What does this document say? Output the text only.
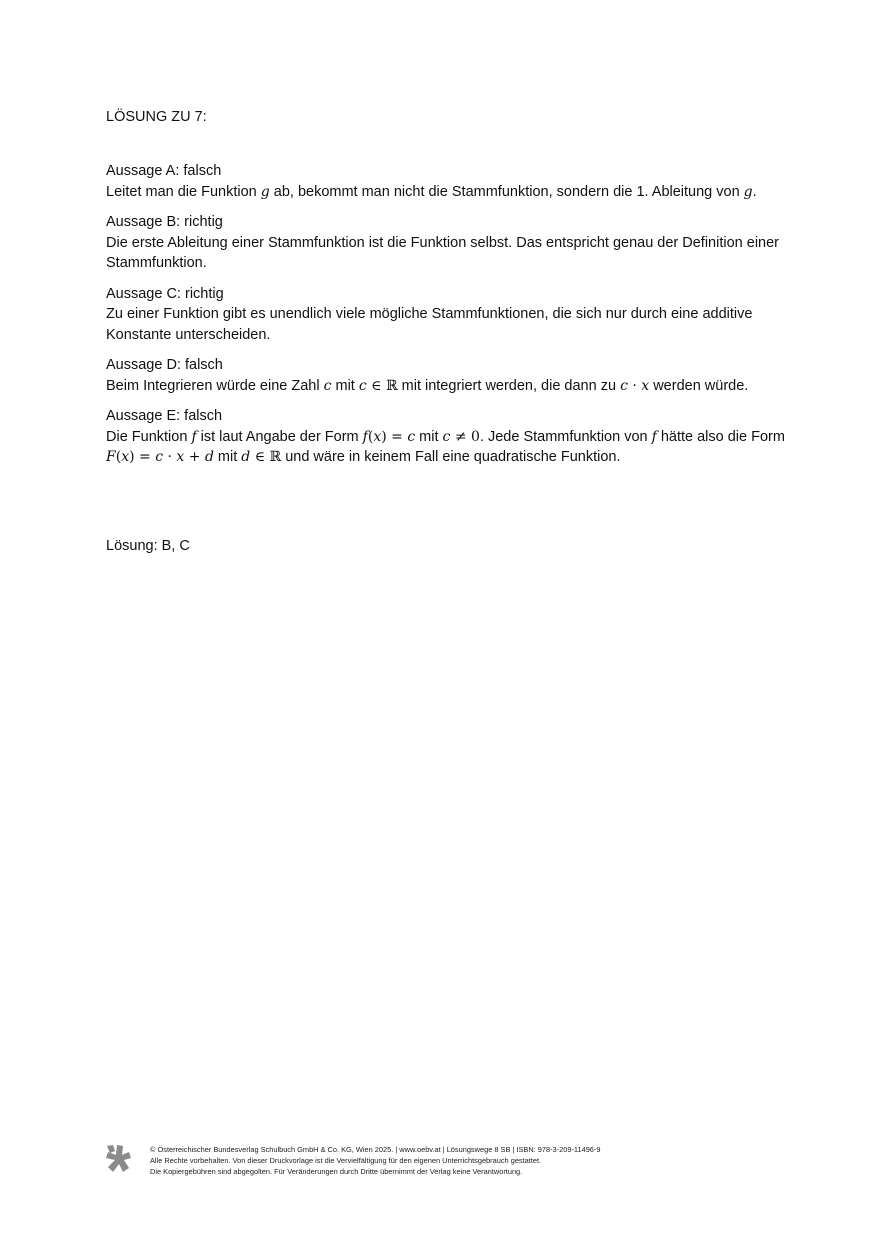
LÖSUNG ZU 7:
Aussage A: falsch
Leitet man die Funktion g ab, bekommt man nicht die Stammfunktion, sondern die 1. Ableitung von g.
Aussage B: richtig
Die erste Ableitung einer Stammfunktion ist die Funktion selbst. Das entspricht genau der Definition einer Stammfunktion.
Aussage C: richtig
Zu einer Funktion gibt es unendlich viele mögliche Stammfunktionen, die sich nur durch eine additive Konstante unterscheiden.
Aussage D: falsch
Beim Integrieren würde eine Zahl c mit c ∈ ℝ mit integriert werden, die dann zu c · x werden würde.
Aussage E: falsch
Die Funktion f ist laut Angabe der Form f(x) = c mit c ≠ 0. Jede Stammfunktion von f hätte also die Form F(x) = c · x + d mit d ∈ ℝ und wäre in keinem Fall eine quadratische Funktion.
Lösung: B, C
© Österreichischer Bundesverlag Schulbuch GmbH & Co. KG, Wien 2025. | www.oebv.at | Lösungswege 8 SB | ISBN: 978-3-209-11496-9
Alle Rechte vorbehalten. Von dieser Druckvorlage ist die Vervielfältigung für den eigenen Unterrichtsgebrauch gestattet.
Die Kopiergebühren sind abgegolten. Für Veränderungen durch Dritte übernimmt der Verlag keine Verantwortung.
